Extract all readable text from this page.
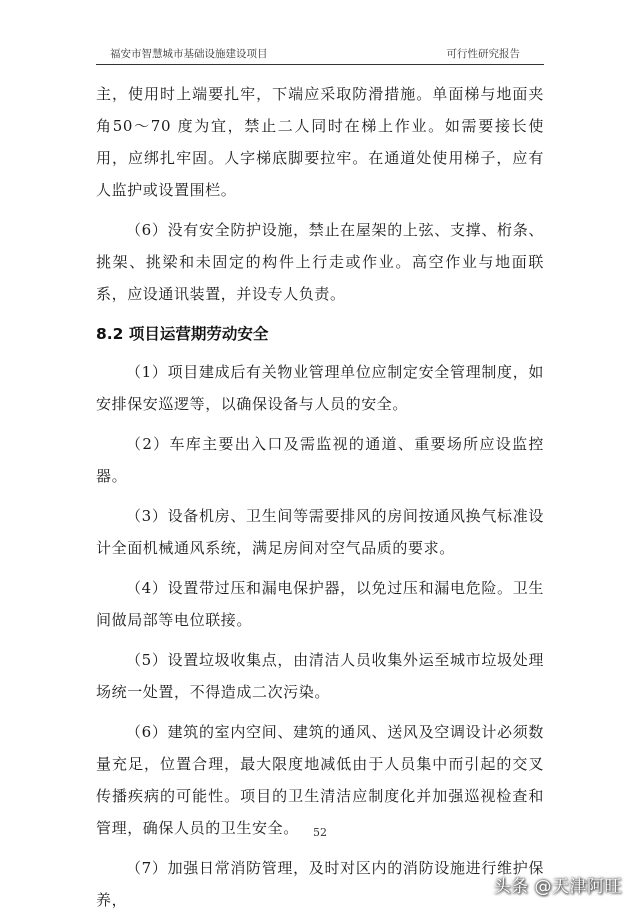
福安市智慧城市基础设施建设项目	可行性研究报告

主，使用时上端要扎牢，下端应采取防滑措施。单面梯与地面夹角50～70 度为宜，禁止二人同时在梯上作业。如需要接长使用，应绑扎牢固。人字梯底脚要拉牢。在通道处使用梯子，应有人监护或设置围栏。

（6）没有安全防护设施，禁止在屋架的上弦、支撑、桁条、挑架、挑梁和未固定的构件上行走或作业。高空作业与地面联系，应设通讯装置，并设专人负责。

8.2 项目运营期劳动安全

（1）项目建成后有关物业管理单位应制定安全管理制度，如安排保安巡逻等，以确保设备与人员的安全。

（2）车库主要出入口及需监视的通道、重要场所应设监控器。

（3）设备机房、卫生间等需要排风的房间按通风换气标准设计全面机械通风系统，满足房间对空气品质的要求。

（4）设置带过压和漏电保护器，以免过压和漏电危险。卫生间做局部等电位联接。

（5）设置垃圾收集点，由清洁人员收集外运至城市垃圾处理场统一处置，不得造成二次污染。

（6）建筑的室内空间、建筑的通风、送风及空调设计必须数量充足，位置合理，最大限度地减低由于人员集中而引起的交叉传播疾病的可能性。项目的卫生清洁应制度化并加强巡视检查和管理，确保人员的卫生安全。

（7）加强日常消防管理，及时对区内的消防设施进行维护保养，

52
头条 @天津阿旺
